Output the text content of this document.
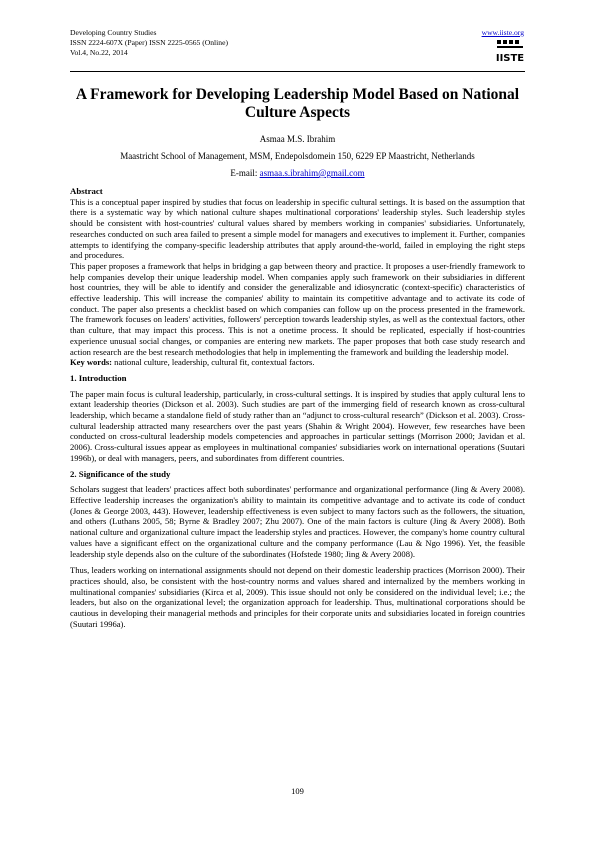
Developing Country Studies
ISSN 2224-607X (Paper) ISSN 2225-0565 (Online)
Vol.4, No.22, 2014
www.iiste.org
IISTE
A Framework for Developing Leadership Model Based on National Culture Aspects
Asmaa M.S. Ibrahim
Maastricht School of Management, MSM, Endepolsdomein 150, 6229 EP Maastricht, Netherlands
E-mail: asmaa.s.ibrahim@gmail.com

Abstract

This is a conceptual paper inspired by studies that focus on leadership in specific cultural settings. It is based on the assumption that there is a systematic way by which national culture shapes multinational corporations' leadership styles. Such leadership styles should be consistent with host-countries' cultural values shared by members working in companies' subsidiaries. Unfortunately, researches conducted on such area failed to present a simple model for managers and executives to implement it. Further, companies attempts to identifying the company-specific leadership attributes that apply around-the-world, failed in employing the right steps and procedures.

This paper proposes a framework that helps in bridging a gap between theory and practice. It proposes a user-friendly framework to help companies develop their unique leadership model. When companies apply such framework on their subsidiaries in different host countries, they will be able to identify and consider the generalizable and idiosyncratic (context-specific) characteristics of effective leadership. This will increase the companies' ability to maintain its competitive advantage and to activate its code of conduct. The paper also presents a checklist based on which companies can follow up on the process presented in the framework. The framework focuses on leaders' activities, followers' perception towards leadership styles, as well as the contextual factors, other than culture, that may impact this process. This is not a onetime process. It should be replicated, especially if host-countries experience unusual social changes, or companies are entering new markets. The paper proposes that both case study research and action research are the best research methodologies that help in implementing the framework and building the leadership model.

Key words: national culture, leadership, cultural fit, contextual factors.

1. Introduction

The paper main focus is cultural leadership, particularly, in cross-cultural settings. It is inspired by studies that apply cultural lens to extant leadership theories (Dickson et al. 2003). Such studies are part of the immerging field of research known as cross-cultural leadership, which became a standalone field of study rather than an “adjunct to cross-cultural research” (Dickson et al. 2003). Cross-cultural leadership attracted many researchers over the past years (Shahin & Wright 2004). However, few researches have been conducted on cross-cultural leadership models competencies and approaches in particular settings (Morrison 2000; Javidan et al. 2006). Cross-cultural issues appear as employees in multinational companies' subsidiaries work on international operations (Suutari 1996b), or deal with managers, peers, and subordinates from different countries.

2. Significance of the study

Scholars suggest that leaders' practices affect both subordinates' performance and organizational performance (Jing & Avery 2008). Effective leadership increases the organization's ability to maintain its competitive advantage and to activate its code of conduct (Jones & George 2003, 443). However, leadership effectiveness is even subject to many factors such as the followers, the situation, and others (Luthans 2005, 58; Byrne & Bradley 2007; Zhu 2007). One of the main factors is culture (Jing & Avery 2008). Both national culture and organizational culture impact the leadership styles and practices. However, the company's home country cultural values have a significant effect on the organizational culture and the company performance (Lau & Ngo 1996). Yet, the feasible leadership style depends also on the culture of the subordinates (Hofstede 1980; Jing & Avery 2008).

Thus, leaders working on international assignments should not depend on their domestic leadership practices (Morrison 2000). Their practices should, also, be consistent with the host-country norms and values shared and internalized by the members working in multinational companies' subsidiaries (Kirca et al, 2009). This issue should not only be considered on the individual level; i.e.; the leaders, but also on the organizational level; the organization approach for leadership. Thus, multinational corporations should be cautious in developing their managerial methods and principles for their corporate units and subsidiaries located in foreign countries (Suutari 1996a).

109
